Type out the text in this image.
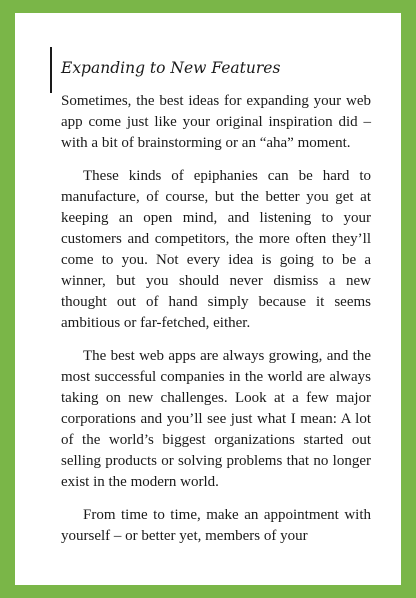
Expanding to New Features

Sometimes, the best ideas for expanding your web app come just like your original inspiration did – with a bit of brainstorming or an “aha” moment.

These kinds of epiphanies can be hard to manufacture, of course, but the better you get at keeping an open mind, and listening to your customers and competitors, the more often they’ll come to you. Not every idea is going to be a winner, but you should never dismiss a new thought out of hand simply because it seems ambitious or far-fetched, either.

The best web apps are always growing, and the most successful companies in the world are always taking on new challenges. Look at a few major corporations and you’ll see just what I mean: A lot of the world’s biggest organizations started out selling products or solving problems that no longer exist in the modern world.

From time to time, make an appointment with yourself – or better yet, members of your
